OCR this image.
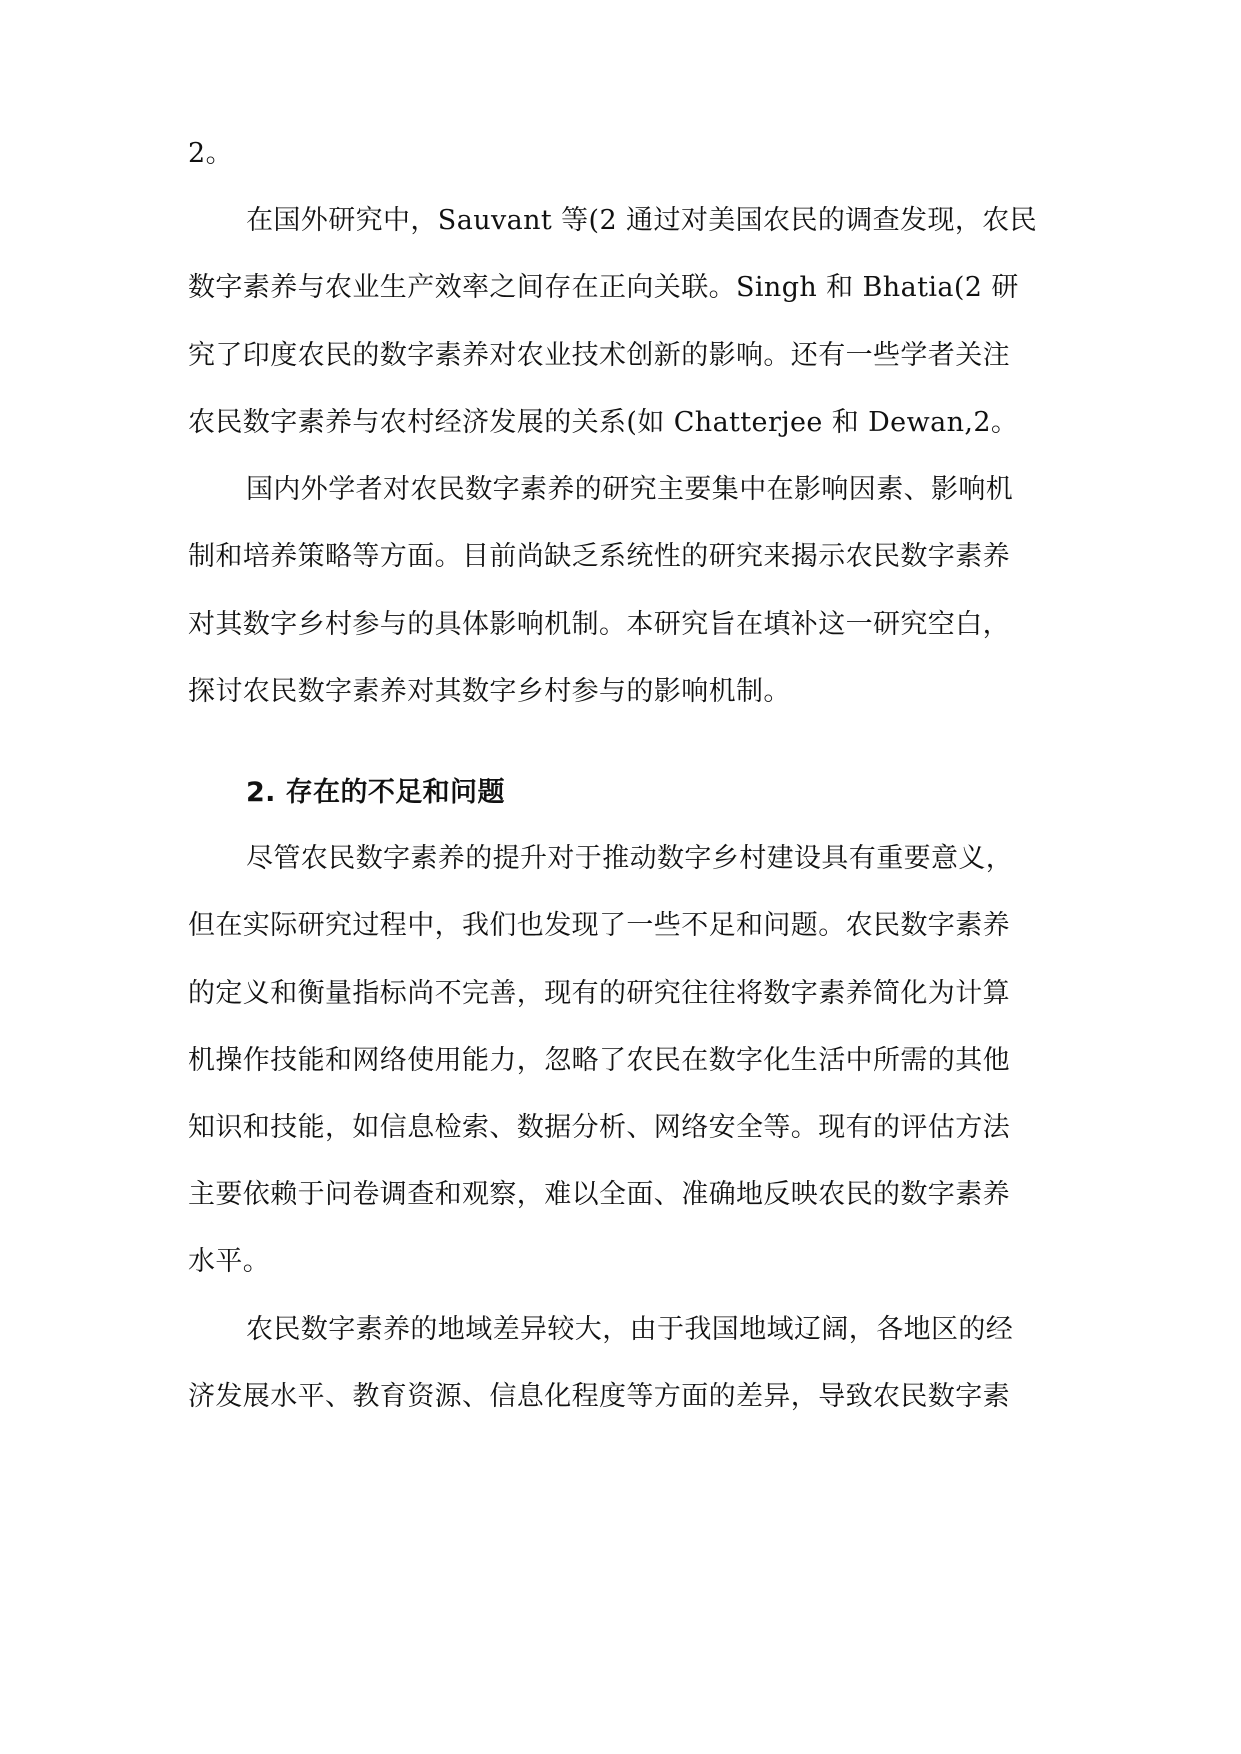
2。
在国外研究中，Sauvant 等(2 通过对美国农民的调查发现，农民
数字素养与农业生产效率之间存在正向关联。Singh 和 Bhatia(2 研
究了印度农民的数字素养对农业技术创新的影响。还有一些学者关注
农民数字素养与农村经济发展的关系(如 Chatterjee 和 Dewan,2。
国内外学者对农民数字素养的研究主要集中在影响因素、影响机
制和培养策略等方面。目前尚缺乏系统性的研究来揭示农民数字素养
对其数字乡村参与的具体影响机制。本研究旨在填补这一研究空白，
探讨农民数字素养对其数字乡村参与的影响机制。
2. 存在的不足和问题
尽管农民数字素养的提升对于推动数字乡村建设具有重要意义，
但在实际研究过程中，我们也发现了一些不足和问题。农民数字素养
的定义和衡量指标尚不完善，现有的研究往往将数字素养简化为计算
机操作技能和网络使用能力，忽略了农民在数字化生活中所需的其他
知识和技能，如信息检索、数据分析、网络安全等。现有的评估方法
主要依赖于问卷调查和观察，难以全面、准确地反映农民的数字素养
水平。
农民数字素养的地域差异较大，由于我国地域辽阔，各地区的经
济发展水平、教育资源、信息化程度等方面的差异，导致农民数字素
